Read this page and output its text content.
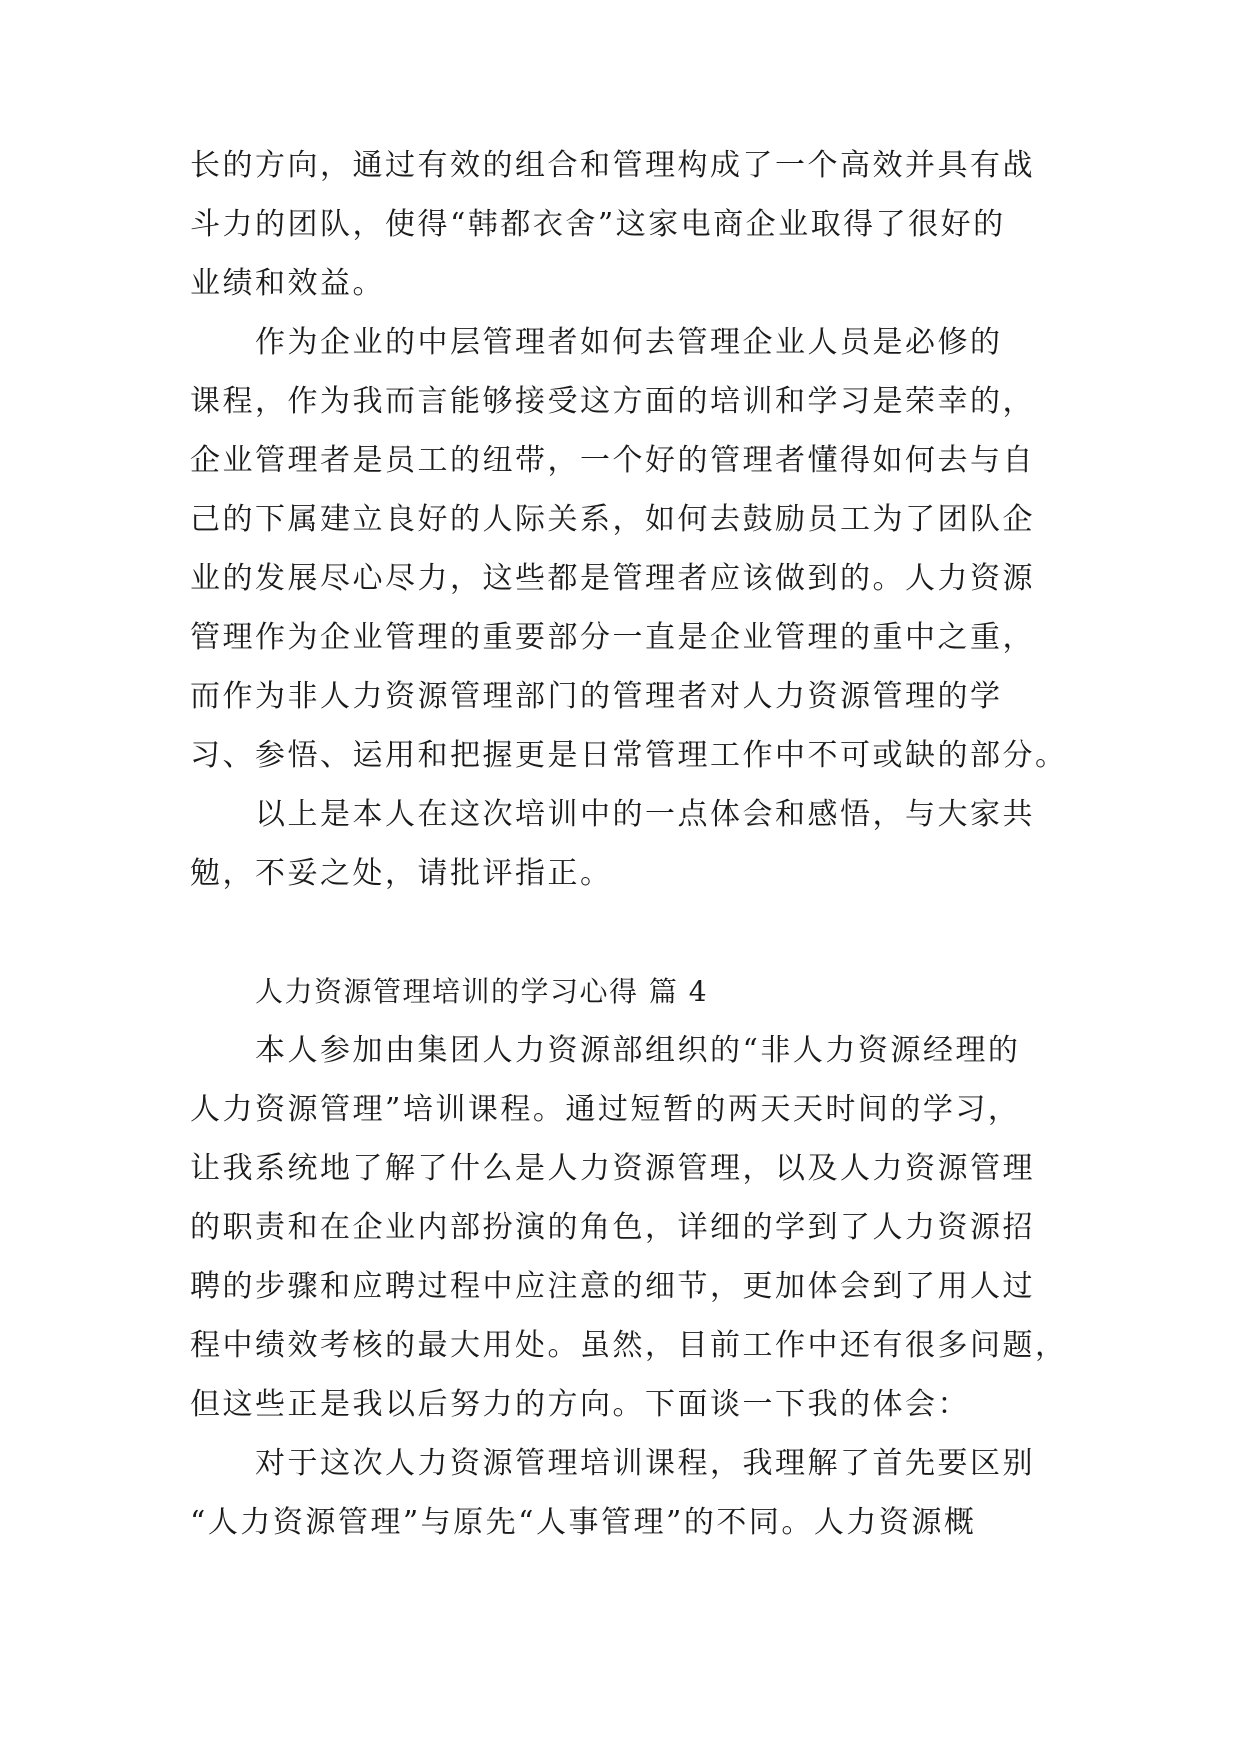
长的方向，通过有效的组合和管理构成了一个高效并具有战
斗力的团队，使得“韩都衣舍”这家电商企业取得了很好的
业绩和效益。
作为企业的中层管理者如何去管理企业人员是必修的
课程，作为我而言能够接受这方面的培训和学习是荣幸的，
企业管理者是员工的纽带，一个好的管理者懂得如何去与自
己的下属建立良好的人际关系，如何去鼓励员工为了团队企
业的发展尽心尽力，这些都是管理者应该做到的。人力资源
管理作为企业管理的重要部分一直是企业管理的重中之重，
而作为非人力资源管理部门的管理者对人力资源管理的学
习、参悟、运用和把握更是日常管理工作中不可或缺的部分。
以上是本人在这次培训中的一点体会和感悟，与大家共
勉，不妥之处，请批评指正。
人力资源管理培训的学习心得 篇 4
本人参加由集团人力资源部组织的“非人力资源经理的
人力资源管理”培训课程。通过短暂的两天天时间的学习，
让我系统地了解了什么是人力资源管理，以及人力资源管理
的职责和在企业内部扮演的角色，详细的学到了人力资源招
聘的步骤和应聘过程中应注意的细节，更加体会到了用人过
程中绩效考核的最大用处。虽然，目前工作中还有很多问题，
但这些正是我以后努力的方向。下面谈一下我的体会：
对于这次人力资源管理培训课程，我理解了首先要区别
“人力资源管理”与原先“人事管理”的不同。人力资源概
